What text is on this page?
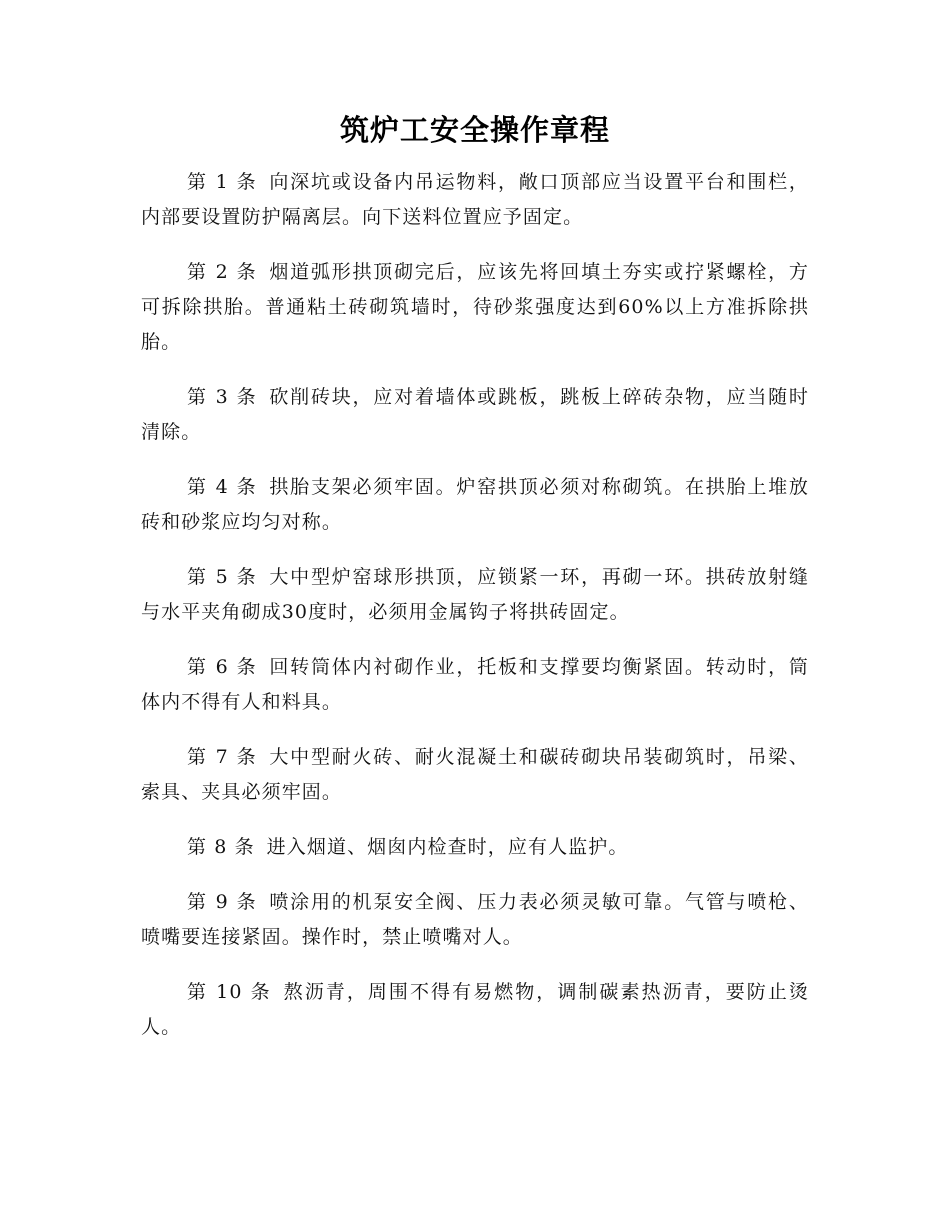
筑炉工安全操作章程

第 1 条 向深坑或设备内吊运物料，敞口顶部应当设置平台和围栏，内部要设置防护隔离层。向下送料位置应予固定。

第 2 条 烟道弧形拱顶砌完后，应该先将回填土夯实或拧紧螺栓，方可拆除拱胎。普通粘土砖砌筑墙时，待砂浆强度达到60%以上方准拆除拱胎。

第 3 条 砍削砖块，应对着墙体或跳板，跳板上碎砖杂物，应当随时清除。

第 4 条 拱胎支架必须牢固。炉窑拱顶必须对称砌筑。在拱胎上堆放砖和砂浆应均匀对称。

第 5 条 大中型炉窑球形拱顶，应锁紧一环，再砌一环。拱砖放射缝与水平夹角砌成30度时，必须用金属钩子将拱砖固定。

第 6 条 回转筒体内衬砌作业，托板和支撑要均衡紧固。转动时，筒体内不得有人和料具。

第 7 条 大中型耐火砖、耐火混凝土和碳砖砌块吊装砌筑时，吊梁、索具、夹具必须牢固。

第 8 条 进入烟道、烟囱内检查时，应有人监护。

第 9 条 喷涂用的机泵安全阀、压力表必须灵敏可靠。气管与喷枪、喷嘴要连接紧固。操作时，禁止喷嘴对人。

第 10 条 熬沥青，周围不得有易燃物，调制碳素热沥青，要防止烫人。
